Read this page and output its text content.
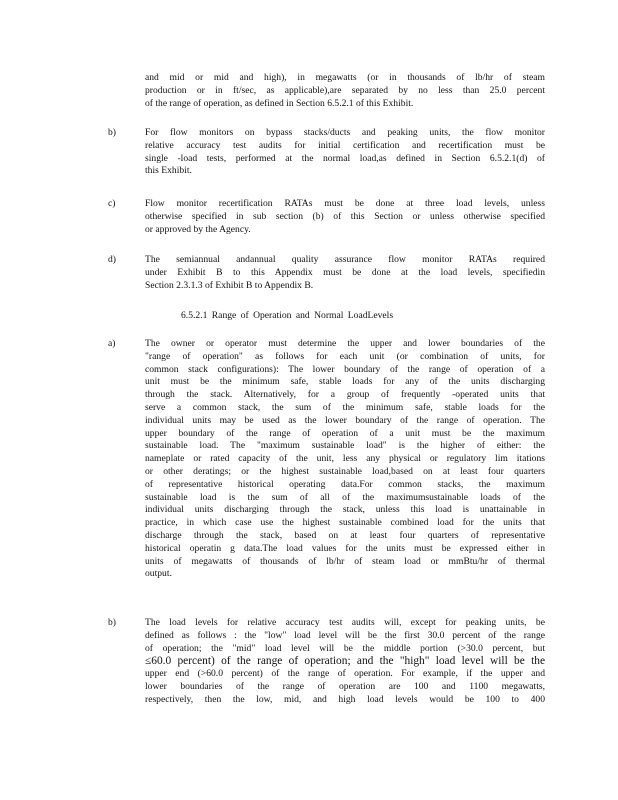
and mid or mid and high), in megawatts (or in thousands of lb/hr of steam
production or in ft/sec, as applicable),are separated by no less than 25.0 percent
of the range of operation, as defined in Section 6.5.2.1 of this Exhibit.
b)	For flow monitors on bypass stacks/ducts and peaking units, the flow monitor
relative accuracy test audits for initial certification and recertification must be
single -load tests, performed at the normal load,as defined in Section 6.5.2.1(d) of
this Exhibit.
c)	Flow monitor recertification RATAs must be done at three load levels, unless
otherwise specified in sub section (b) of this Section or unless otherwise specified
or approved by the Agency.
d)	The semiannual andannual quality assurance flow monitor RATAs required
under Exhibit B to this Appendix must be done at the load levels, specifiedin
Section 2.3.1.3 of Exhibit B to Appendix B.
6.5.2.1 Range of Operation and Normal LoadLevels
a)	The owner or operator must determine the upper and lower boundaries of the
"range of operation" as follows for each unit (or combination of units, for
common stack configurations): The lower boundary of the range of operation of a
unit must be the minimum safe, stable loads for any of the units discharging
through the stack. Alternatively, for a group of frequently -operated units that
serve a common stack, the sum of the minimum safe, stable loads for the
individual units may be used as the lower boundary of the range of operation. The
upper boundary of the range of operation of a unit must be the maximum
sustainable load. The "maximum sustainable load" is the higher of either: the
nameplate or rated capacity of the unit, less any physical or regulatory lim itations
or other deratings; or the highest sustainable load,based on at least four quarters
of representative historical operating data.For common stacks, the maximum
sustainable load is the sum of all of the maximumsustainable loads of the
individual units discharging through the stack, unless this load is unattainable in
practice, in which case use the highest sustainable combined load for the units that
discharge through the stack, based on at least four quarters of representative
historical operatin g data.The load values for the units must be expressed either in
units of megawatts of thousands of lb/hr of steam load or mmBtu/hr of thermal
output.
b)	The load levels for relative accuracy test audits will, except for peaking units, be
defined as follows : the "low" load level will be the first 30.0 percent of the range
of operation; the "mid" load level will be the middle portion (>30.0 percent, but
≤60.0 percent) of the range of operation; and the "high" load level will be the
upper end (>60.0 percent) of the range of operation. For example, if the upper and
lower boundaries of the range of operation are 100 and 1100 megawatts,
respectively, then the low, mid, and high load levels would be 100 to 400
